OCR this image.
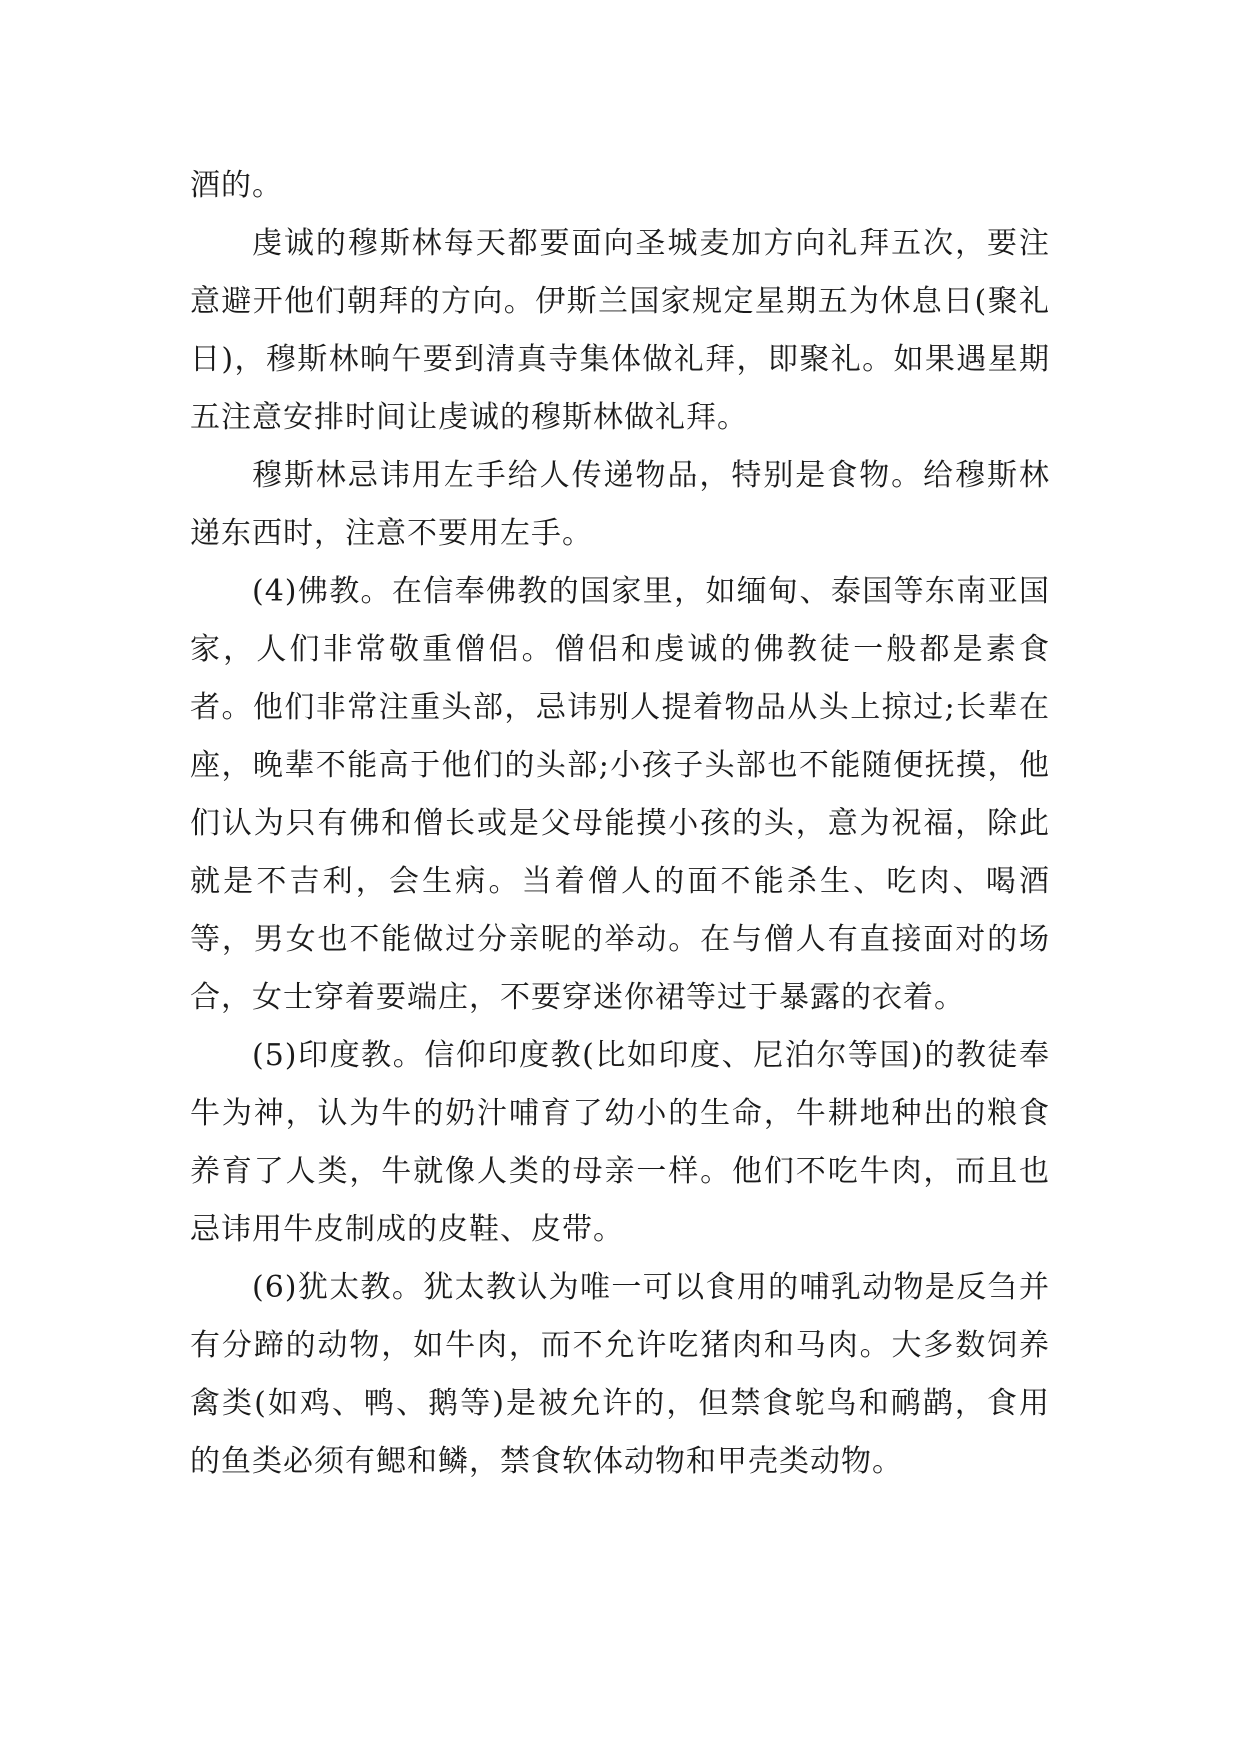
酒的。

虔诚的穆斯林每天都要面向圣城麦加方向礼拜五次，要注意避开他们朝拜的方向。伊斯兰国家规定星期五为休息日(聚礼日)，穆斯林晌午要到清真寺集体做礼拜，即聚礼。如果遇星期五注意安排时间让虔诚的穆斯林做礼拜。

穆斯林忌讳用左手给人传递物品，特别是食物。给穆斯林递东西时，注意不要用左手。

(4)佛教。在信奉佛教的国家里，如缅甸、泰国等东南亚国家，人们非常敬重僧侣。僧侣和虔诚的佛教徒一般都是素食者。他们非常注重头部，忌讳别人提着物品从头上掠过;长辈在座，晚辈不能高于他们的头部;小孩子头部也不能随便抚摸，他们认为只有佛和僧长或是父母能摸小孩的头，意为祝福，除此就是不吉利，会生病。当着僧人的面不能杀生、吃肉、喝酒等，男女也不能做过分亲昵的举动。在与僧人有直接面对的场合，女士穿着要端庄，不要穿迷你裙等过于暴露的衣着。

(5)印度教。信仰印度教(比如印度、尼泊尔等国)的教徒奉牛为神，认为牛的奶汁哺育了幼小的生命，牛耕地种出的粮食养育了人类，牛就像人类的母亲一样。他们不吃牛肉，而且也忌讳用牛皮制成的皮鞋、皮带。

(6)犹太教。犹太教认为唯一可以食用的哺乳动物是反刍并有分蹄的动物，如牛肉，而不允许吃猪肉和马肉。大多数饲养禽类(如鸡、鸭、鹅等)是被允许的，但禁食鸵鸟和鸸鹋，食用的鱼类必须有鳃和鳞，禁食软体动物和甲壳类动物。
